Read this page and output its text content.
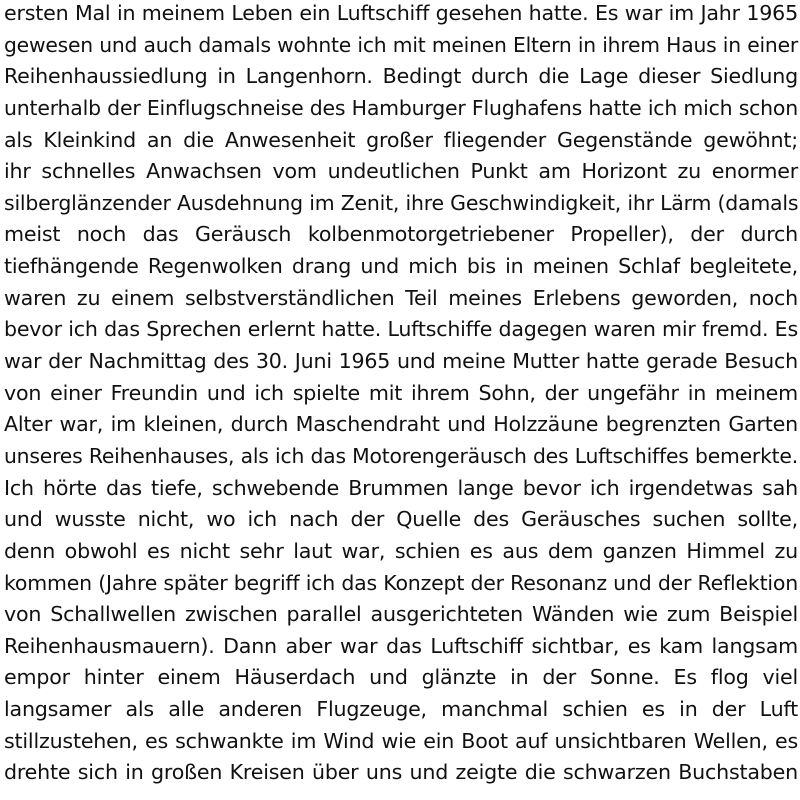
ersten Mal in meinem Leben ein Luftschiff gesehen hatte. Es war im Jahr 1965
gewesen und auch damals wohnte ich mit meinen Eltern in ihrem Haus in einer
Reihenhaussiedlung in Langenhorn. Bedingt durch die Lage dieser Siedlung
unterhalb der Einflugschneise des Hamburger Flughafens hatte ich mich schon
als Kleinkind an die Anwesenheit großer fliegender Gegenstände gewöhnt;
ihr schnelles Anwachsen vom undeutlichen Punkt am Horizont zu enormer
silberglänzender Ausdehnung im Zenit, ihre Geschwindigkeit, ihr Lärm (damals
meist noch das Geräusch kolbenmotorgetriebener Propeller), der durch
tiefhängende Regenwolken drang und mich bis in meinen Schlaf begleitete,
waren zu einem selbstverständlichen Teil meines Erlebens geworden, noch
bevor ich das Sprechen erlernt hatte. Luftschiffe dagegen waren mir fremd. Es
war der Nachmittag des 30. Juni 1965 und meine Mutter hatte gerade Besuch
von einer Freundin und ich spielte mit ihrem Sohn, der ungefähr in meinem
Alter war, im kleinen, durch Maschendraht und Holzzäune begrenzten Garten
unseres Reihenhauses, als ich das Motorengeräusch des Luftschiffes bemerkte.
Ich hörte das tiefe, schwebende Brummen lange bevor ich irgendetwas sah
und wusste nicht, wo ich nach der Quelle des Geräusches suchen sollte,
denn obwohl es nicht sehr laut war, schien es aus dem ganzen Himmel zu
kommen (Jahre später begriff ich das Konzept der Resonanz und der Reflektion
von Schallwellen zwischen parallel ausgerichteten Wänden wie zum Beispiel
Reihenhausmauern). Dann aber war das Luftschiff sichtbar, es kam langsam
empor hinter einem Häuserdach und glänzte in der Sonne. Es flog viel
langsamer als alle anderen Flugzeuge, manchmal schien es in der Luft
stillzustehen, es schwankte im Wind wie ein Boot auf unsichtbaren Wellen, es
drehte sich in großen Kreisen über uns und zeigte die schwarzen Buchstaben
